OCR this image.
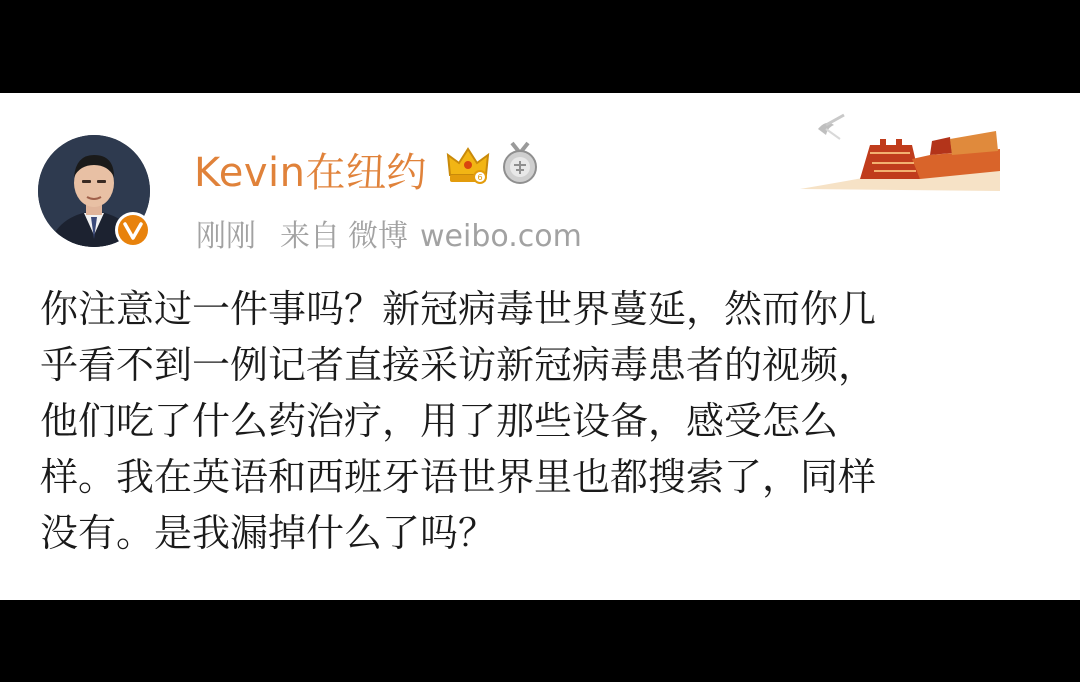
Kevin在纽约	6
刚刚 来自 微博 weibo.com
你注意过一件事吗？新冠病毒世界蔓延，然而你几
乎看不到一例记者直接采访新冠病毒患者的视频，
他们吃了什么药治疗，用了那些设备，感受怎么
样。我在英语和西班牙语世界里也都搜索了，同样
没有。是我漏掉什么了吗？
